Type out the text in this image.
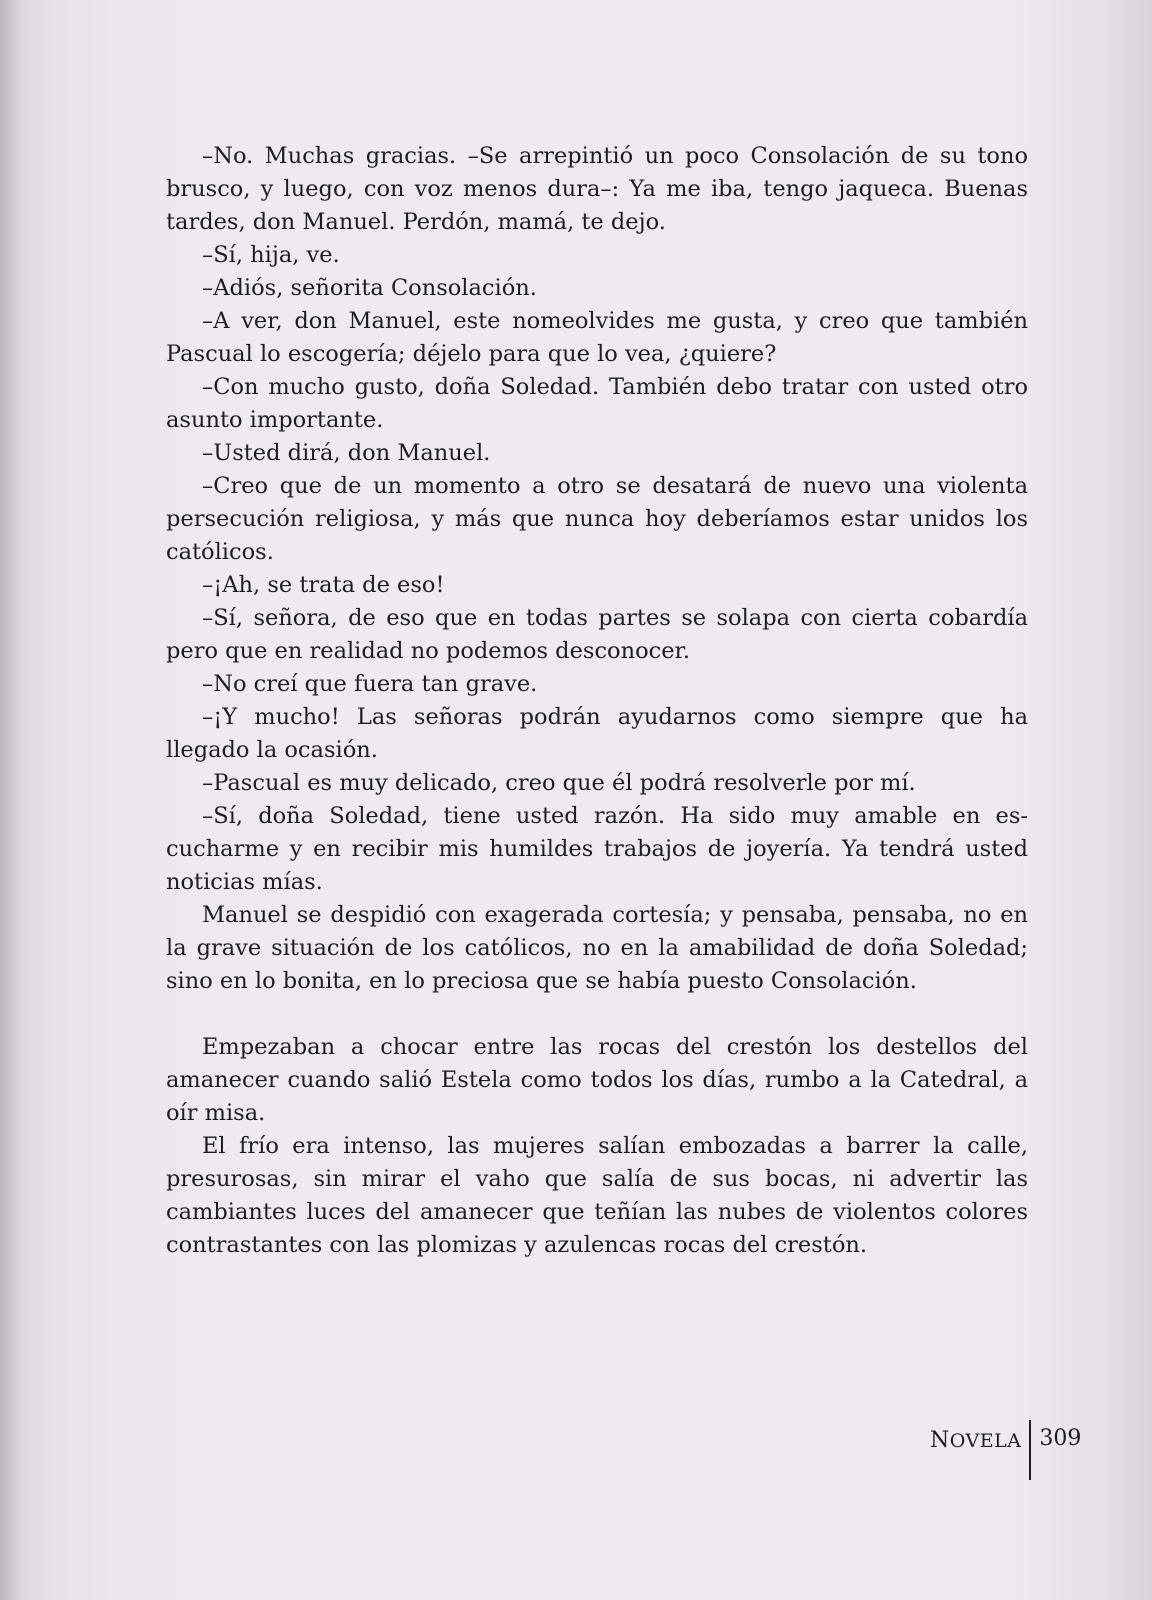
–No. Muchas gracias. –Se arrepintió un poco Consolación de su tono brusco, y luego, con voz menos dura–: Ya me iba, tengo jaqueca. Buenas tardes, don Manuel. Perdón, mamá, te dejo.

–Sí, hija, ve.

–Adiós, señorita Consolación.

–A ver, don Manuel, este nomeolvides me gusta, y creo que también Pascual lo escogería; déjelo para que lo vea, ¿quiere?

–Con mucho gusto, doña Soledad. También debo tratar con usted otro asunto importante.

–Usted dirá, don Manuel.

–Creo que de un momento a otro se desatará de nuevo una violenta persecución religiosa, y más que nunca hoy deberíamos estar unidos los católicos.

–¡Ah, se trata de eso!

–Sí, señora, de eso que en todas partes se solapa con cierta cobardía pero que en realidad no podemos desconocer.

–No creí que fuera tan grave.

–¡Y mucho! Las señoras podrán ayudarnos como siempre que ha llegado la ocasión.

–Pascual es muy delicado, creo que él podrá resolverle por mí.

–Sí, doña Soledad, tiene usted razón. Ha sido muy amable en escucharme y en recibir mis humildes trabajos de joyería. Ya tendrá usted noticias mías.

Manuel se despidió con exagerada cortesía; y pensaba, pensaba, no en la grave situación de los católicos, no en la amabilidad de doña Soledad; sino en lo bonita, en lo preciosa que se había puesto Consolación.

Empezaban a chocar entre las rocas del crestón los destellos del amanecer cuando salió Estela como todos los días, rumbo a la Catedral, a oír misa.

El frío era intenso, las mujeres salían embozadas a barrer la calle, presurosas, sin mirar el vaho que salía de sus bocas, ni advertir las cambiantes luces del amanecer que teñían las nubes de violentos colores contrastantes con las plomizas y azulencas rocas del crestón.

NOVELA 309
